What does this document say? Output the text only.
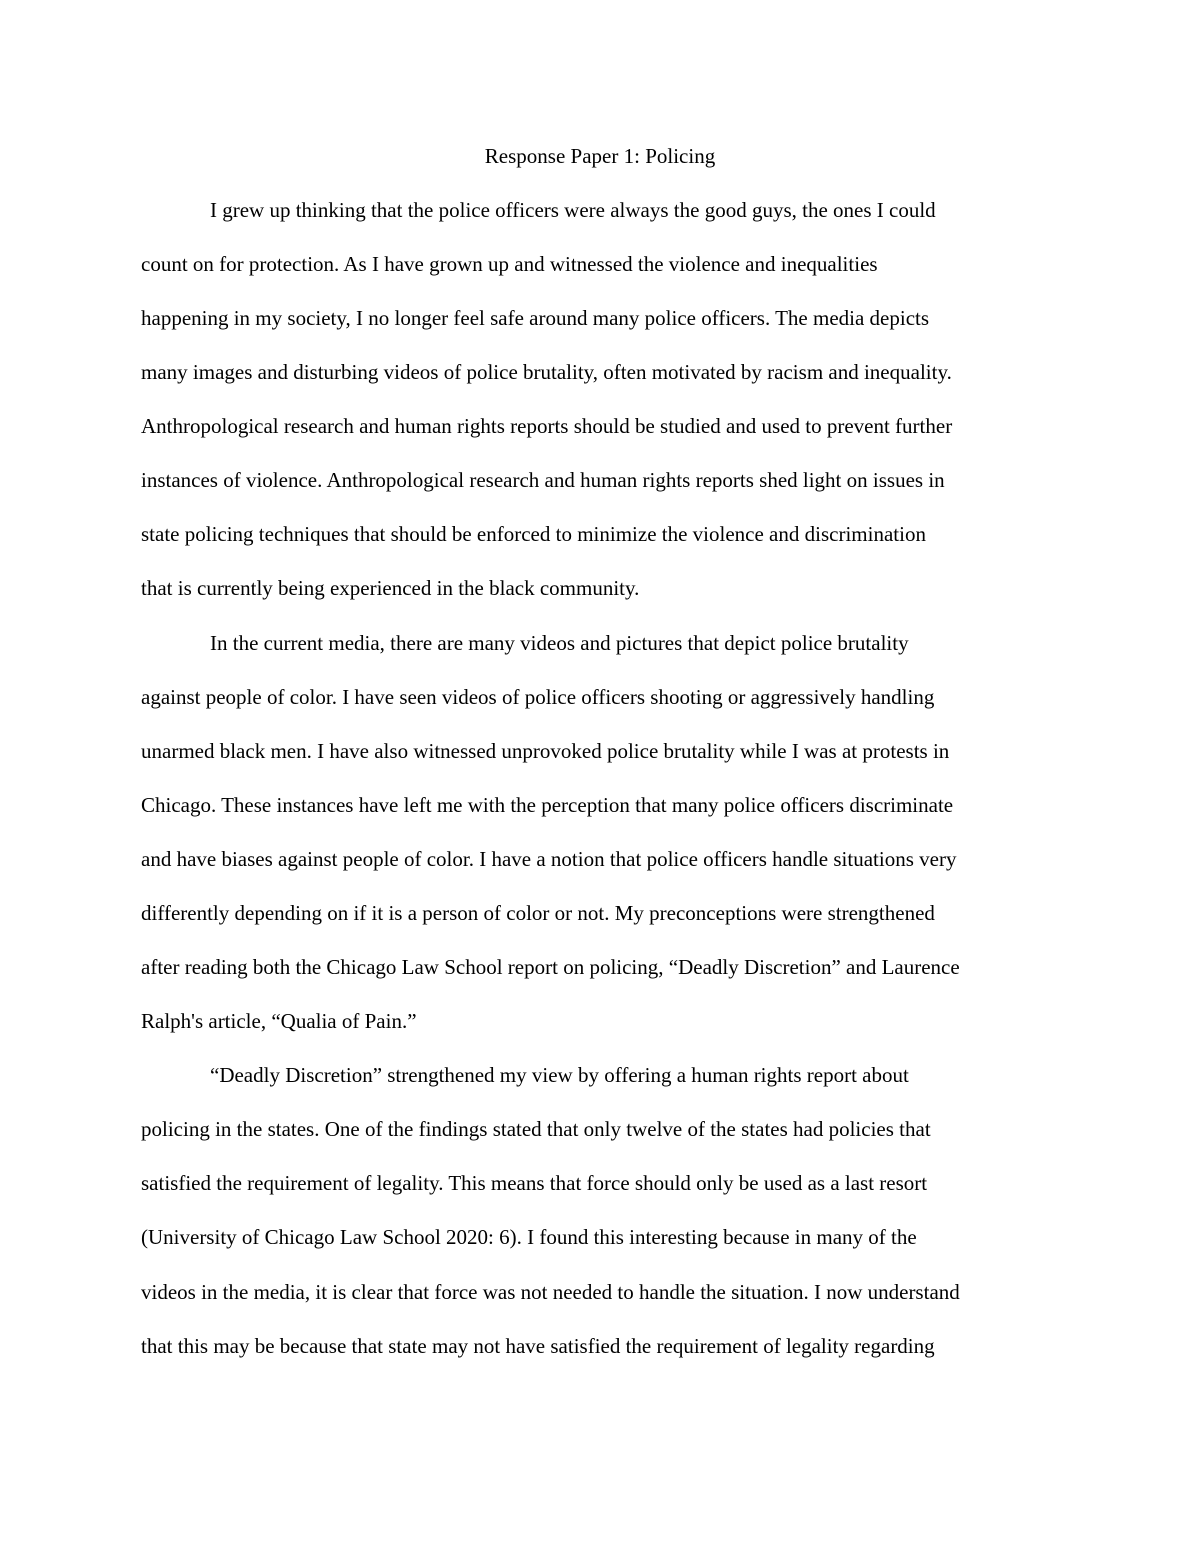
Response Paper 1: Policing
I grew up thinking that the police officers were always the good guys, the ones I could
count on for protection. As I have grown up and witnessed the violence and inequalities
happening in my society, I no longer feel safe around many police officers. The media depicts
many images and disturbing videos of police brutality, often motivated by racism and inequality.
Anthropological research and human rights reports should be studied and used to prevent further
instances of violence. Anthropological research and human rights reports shed light on issues in
state policing techniques that should be enforced to minimize the violence and discrimination
that is currently being experienced in the black community.
In the current media, there are many videos and pictures that depict police brutality
against people of color. I have seen videos of police officers shooting or aggressively handling
unarmed black men. I have also witnessed unprovoked police brutality while I was at protests in
Chicago. These instances have left me with the perception that many police officers discriminate
and have biases against people of color. I have a notion that police officers handle situations very
differently depending on if it is a person of color or not. My preconceptions were strengthened
after reading both the Chicago Law School report on policing, “Deadly Discretion” and Laurence
Ralph's article, “Qualia of Pain.”
“Deadly Discretion” strengthened my view by offering a human rights report about
policing in the states. One of the findings stated that only twelve of the states had policies that
satisfied the requirement of legality. This means that force should only be used as a last resort
(University of Chicago Law School 2020: 6). I found this interesting because in many of the
videos in the media, it is clear that force was not needed to handle the situation. I now understand
that this may be because that state may not have satisfied the requirement of legality regarding
